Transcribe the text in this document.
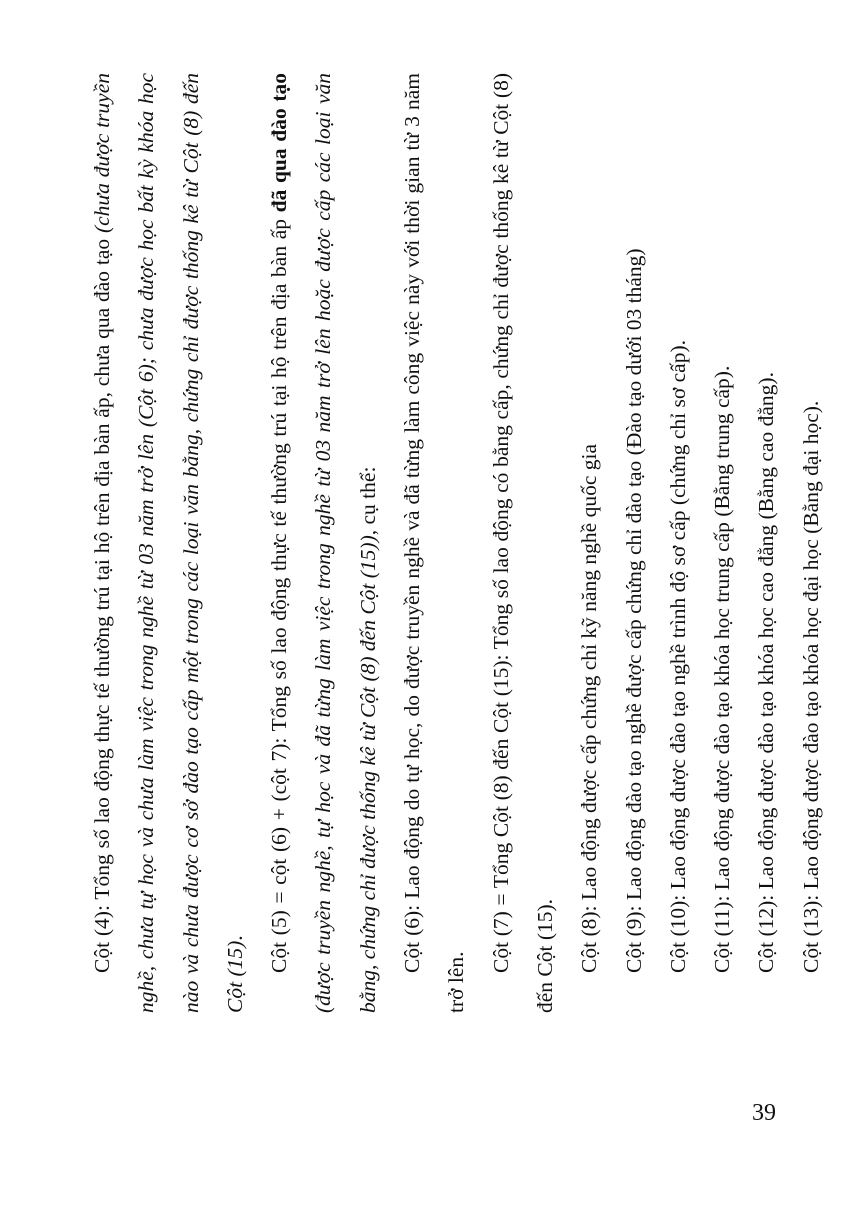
Cột (4): Tổng số lao động thực tế thường trú tại hộ trên địa bàn ấp, chưa qua đào tạo (chưa được truyền nghề, chưa tự học và chưa làm việc trong nghề từ 03 năm trở lên (Cột 6); chưa được học bất kỳ khóa học nào và chưa được cơ sở đào tạo cấp một trong các loại văn bằng, chứng chỉ được thống kê từ Cột (8) đến Cột (15). Cột (5) = cột (6) + (cột 7): Tổng số lao động thực tế thường trú tại hộ trên địa bàn ấp đã qua đào tạo (được truyền nghề, tự học và đã từng làm việc trong nghề từ 03 năm trở lên hoặc được cấp các loại văn bằng, chứng chỉ được thống kê từ Cột (8) đến Cột (15)), cụ thể: Cột (6): Lao động do tự học, do được truyền nghề và đã từng làm công việc này với thời gian từ 3 năm trở lên.

Cột (7) = Tổng Cột (8) đến Cột (15): Tổng số lao động có bằng cấp, chứng chỉ được thống kê từ Cột (8) đến Cột (15). Cột (8): Lao động được cấp chứng chỉ kỹ năng nghề quốc gia Cột (9): Lao động đào tạo nghề được cấp chứng chỉ đào tạo (Đào tạo dưới 03 tháng) Cột (10): Lao động được đào tạo nghề trình độ sơ cấp (chứng chỉ sơ cấp). Cột (11): Lao động được đào tạo khóa học trung cấp (Bằng trung cấp). Cột (12): Lao động được đào tạo khóa học cao đẳng (Bằng cao đẳng). Cột (13): Lao động được đào tạo khóa học đại học (Bằng đại học).
39
